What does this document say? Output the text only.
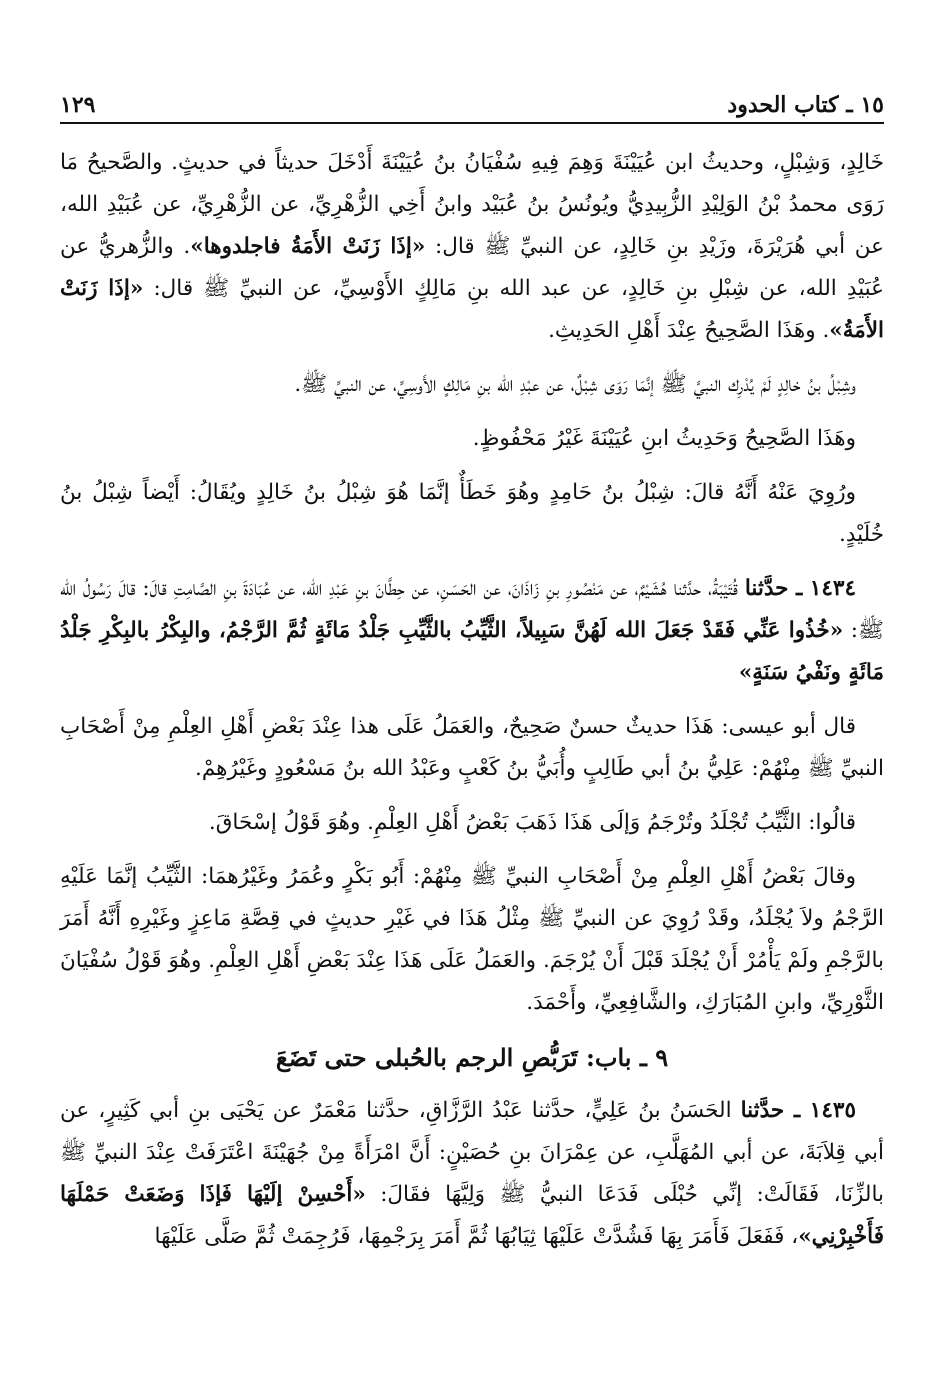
١٥ ـ كتاب الحدود
١٢٩

خَالِدٍ، وَشِبْلٍ، وحديثُ ابن عُيَيْنَةَ وَهِمَ فِيهِ سُفْيَانُ بنُ عُيَيْنَةَ أَدْخَلَ حديثاً في حديثٍ. والصَّحيحُ مَا رَوَى محمدُ بْنُ الوَلِيْدِ الزُّبِيدِيُّ ويُونُسُ بنُ عُبَيْد وابنُ أَخِي الزُّهْرِيِّ، عن الزُّهْرِيِّ، عن عُبَيْدِ الله، عن أبي هُرَيْرَةَ، وزَيْدِ بنِ خَالِدٍ، عن النبيِّ ﷺ قال: «إذَا زَنَتْ الأَمَةُ فاجلدوها». والزُّهريُّ عن عُبَيْدِ الله، عن شِبْلِ بنِ خَالِدٍ، عن عبد الله بنِ مَالِكٍ الأَوْسِيِّ، عن النبيِّ ﷺ قال: «إذَا زَنَتْ الأَمَةُ». وهَذَا الصَّحِيحُ عِنْدَ أَهْلِ الحَدِيثِ.

وشِبْلُ بنُ خالِدٍ لَمْ يُدْرِك النبيَّ ﷺ إنَّمَا رَوَى شِبْلٌ، عن عبْدِ الله بنِ مَالِكٍ الأَوسِيِّ، عن النبيِّ ﷺ.

وهَذَا الصَّحِيحُ وَحَدِيثُ ابنِ عُيَيْنَةَ غَيْرُ مَحْفُوظٍ.

ورُوِيَ عَنْهُ أَنَّهُ قالَ: شِبْلُ بنُ حَامِدٍ وهُوَ خَطَأٌ إنَّمَا هُوَ شِبْلُ بنُ خَالِدٍ ويُقَالُ: أَيْضاً شِبْلُ بنُ خُلَيْدٍ.

١٤٣٤ ـ حدَّثنا قُتَيْبَةُ، حدَّثنا هُشَيْمٌ، عن مَنْصُورِ بنِ زَاذَانَ، عن الحَسَنِ، عن حِطَّانَ بنِ عَبْدِ الله، عن عُبَادَةَ بنِ الصَّامِتِ قالَ: قالَ رَسُولُ الله ﷺ: «خُذُوا عَنِّي فَقَدْ جَعَلَ الله لَهُنَّ سَبِيلاً، الثَّيِّبُ بالثَّيِّبِ جَلْدُ مَائَةٍ ثُمَّ الرَّجْمُ، والبِكْرُ بالبِكْرِ جَلْدُ مَائَةٍ ونَفْيُ سَنَةٍ»

قال أبو عيسى: هَذَا حديثٌ حسنٌ صَحِيحٌ، والعَمَلُ عَلَى هذا عِنْدَ بَعْضِ أَهْلِ العِلْمِ مِنْ أَصْحَابِ النبيِّ ﷺ مِنْهُمْ: عَلِيُّ بنُ أبي طَالِبٍ وأُبَيُّ بنُ كَعْبٍ وعَبْدُ الله بنُ مَسْعُودٍ وغَيْرُهِمْ.

قالُوا: الثَّيِّبُ تُجْلَدُ وتُرْجَمُ وَإلَى هَذَا ذَهَبَ بَعْضُ أَهْلِ العِلْمِ. وهُوَ قَوْلُ إسْحَاقَ.

وقالَ بَعْضُ أَهْلِ العِلْمِ مِنْ أَصْحَابِ النبيِّ ﷺ مِنْهُمْ: أَبُو بَكْرٍ وعُمَرُ وغَيْرُهمَا: الثَّيِّبُ إنَّمَا عَلَيْهِ الرَّجْمُ ولاَ يُجْلَدُ، وقَدْ رُوِيَ عن النبيِّ ﷺ مِثْلُ هَذَا في غَيْرِ حديثٍ في قِصَّةِ مَاعِزٍ وغَيْرِهِ أَنَّهُ أَمَرَ بالرَّجْمِ ولَمْ يَأْمُرْ أَنْ يُجْلَدَ قَبْلَ أَنْ يُرْجَمَ. والعَمَلُ عَلَى هَذَا عِنْدَ بَعْضِ أَهْلِ العِلْمِ. وهُوَ قَوْلُ سُفْيَانَ الثَّوْرِيِّ، وابنِ المُبَارَكِ، والشَّافِعِيِّ، وأَحْمَدَ.

٩ ـ باب: تَرَبُّصِ الرجم بالحُبلى حتى تَضَعَ

١٤٣٥ ـ حدَّثنا الحَسَنُ بنُ عَلِيٍّ، حدَّثنا عَبْدُ الرَّزَّاقِ، حدَّثنا مَعْمَرٌ عن يَحْيَى بنِ أبي كَثِيرٍ، عن أبي قِلاَبَةَ، عن أبي المُهَلَّبِ، عن عِمْرَانَ بنِ حُصَيْنٍ: أَنَّ امْرَأَةً مِنْ جُهَيْنَةَ اعْتَرَفَتْ عِنْدَ النبيِّ ﷺ بالزِّنَا، فَقَالَتْ: إنِّي حُبْلَى فَدَعَا النبيُّ ﷺ وَلِيَّهَا فقَالَ: «أَحْسِنْ إلَيْهَا فَإذَا وَضَعَتْ حَمْلَهَا فَأَخْبِرْنِي»، فَفَعَلَ فَأَمَرَ بِهَا فَشُدَّتْ عَلَيْهَا ثِيَابُهَا ثُمَّ أَمَرَ بِرَجْمِهَا، فَرُجِمَتْ ثُمَّ صَلَّى عَلَيْهَا
